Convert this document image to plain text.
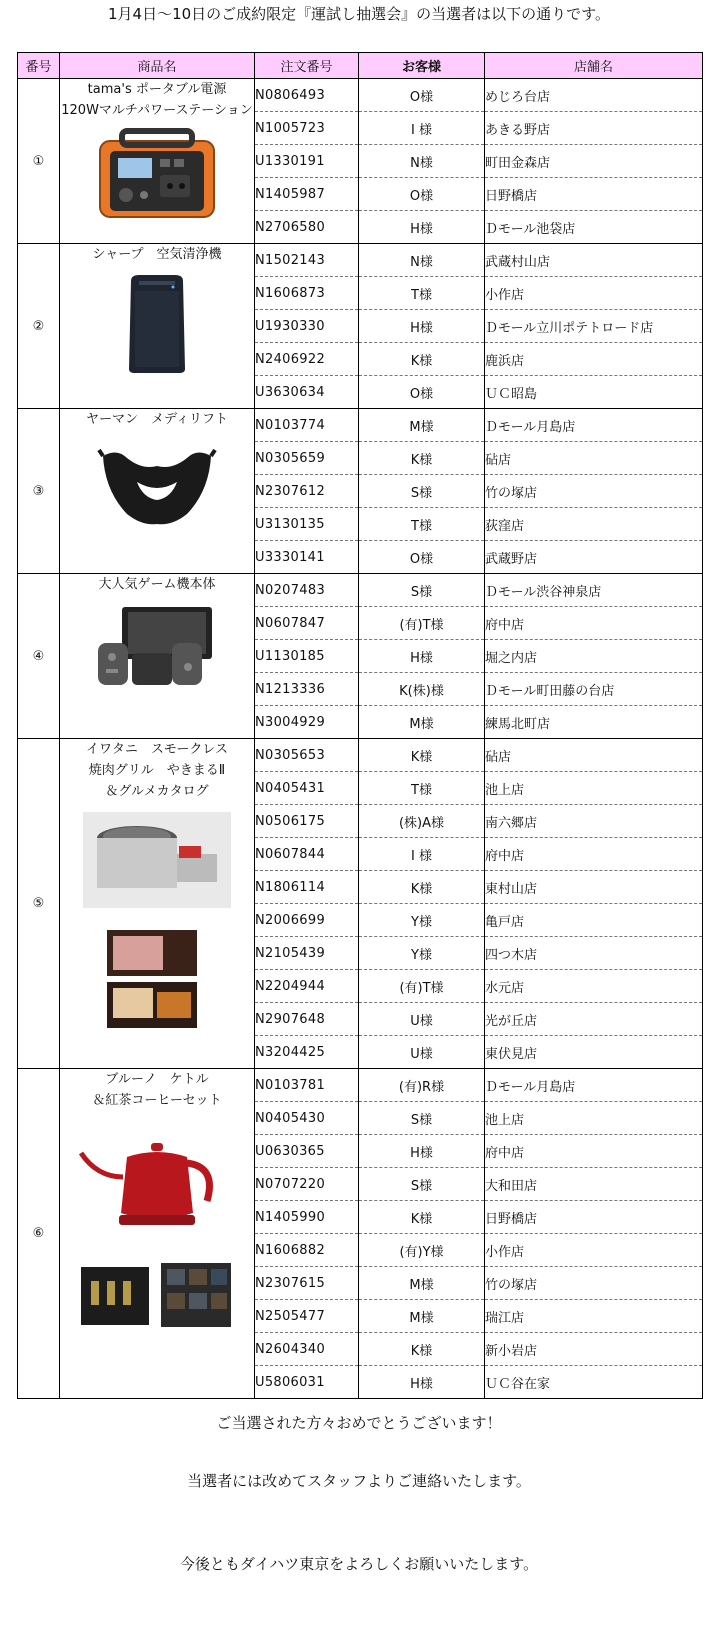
1月4日～10日のご成約限定『運試し抽選会』の当選者は以下の通りです。
番号	商品名	注文番号	お客様	店舗名
①	tama's ポータブル電源
120Wマルチパワーステーション	N0806493	O様	めじろ台店
		N1005723	I 様	あきる野店
		U1330191	N様	町田金森店
		N1405987	O様	日野橋店
		N2706580	H様	Ｄモール池袋店
②	シャープ　空気清浄機	N1502143	N様	武蔵村山店
		N1606873	T様	小作店
		U1930330	H様	Ｄモール立川ポテトロード店
		N2406922	K様	鹿浜店
		U3630634	O様	ＵＣ昭島
③	ヤーマン　メディリフト	N0103774	M様	Ｄモール月島店
		N0305659	K様	砧店
		N2307612	S様	竹の塚店
		U3130135	T様	荻窪店
		U3330141	O様	武蔵野店
④	大人気ゲーム機本体	N0207483	S様	Ｄモール渋谷神泉店
		N0607847	(有)T様	府中店
		U1130185	H様	堀之内店
		N1213336	K(株)様	Ｄモール町田藤の台店
		N3004929	M様	練馬北町店
⑤	イワタニ　スモークレス
焼肉グリル　やきまるⅡ
＆グルメカタログ	N0305653	K様	砧店
		N0405431	T様	池上店
		N0506175	(株)A様	南六郷店
		N0607844	I 様	府中店
		N1806114	K様	東村山店
		N2006699	Y様	亀戸店
		N2105439	Y様	四つ木店
		N2204944	(有)T様	水元店
		N2907648	U様	光が丘店
		N3204425	U様	東伏見店
⑥	ブルーノ　ケトル
＆紅茶コーヒーセット	N0103781	(有)R様	Ｄモール月島店
		N0405430	S様	池上店
		U0630365	H様	府中店
		N0707220	S様	大和田店
		N1405990	K様	日野橋店
		N1606882	(有)Y様	小作店
		N2307615	M様	竹の塚店
		N2505477	M様	瑞江店
		N2604340	K様	新小岩店
		U5806031	H様	ＵＣ谷在家
ご当選された方々おめでとうございます！
当選者には改めてスタッフよりご連絡いたします。
今後ともダイハツ東京をよろしくお願いいたします。
